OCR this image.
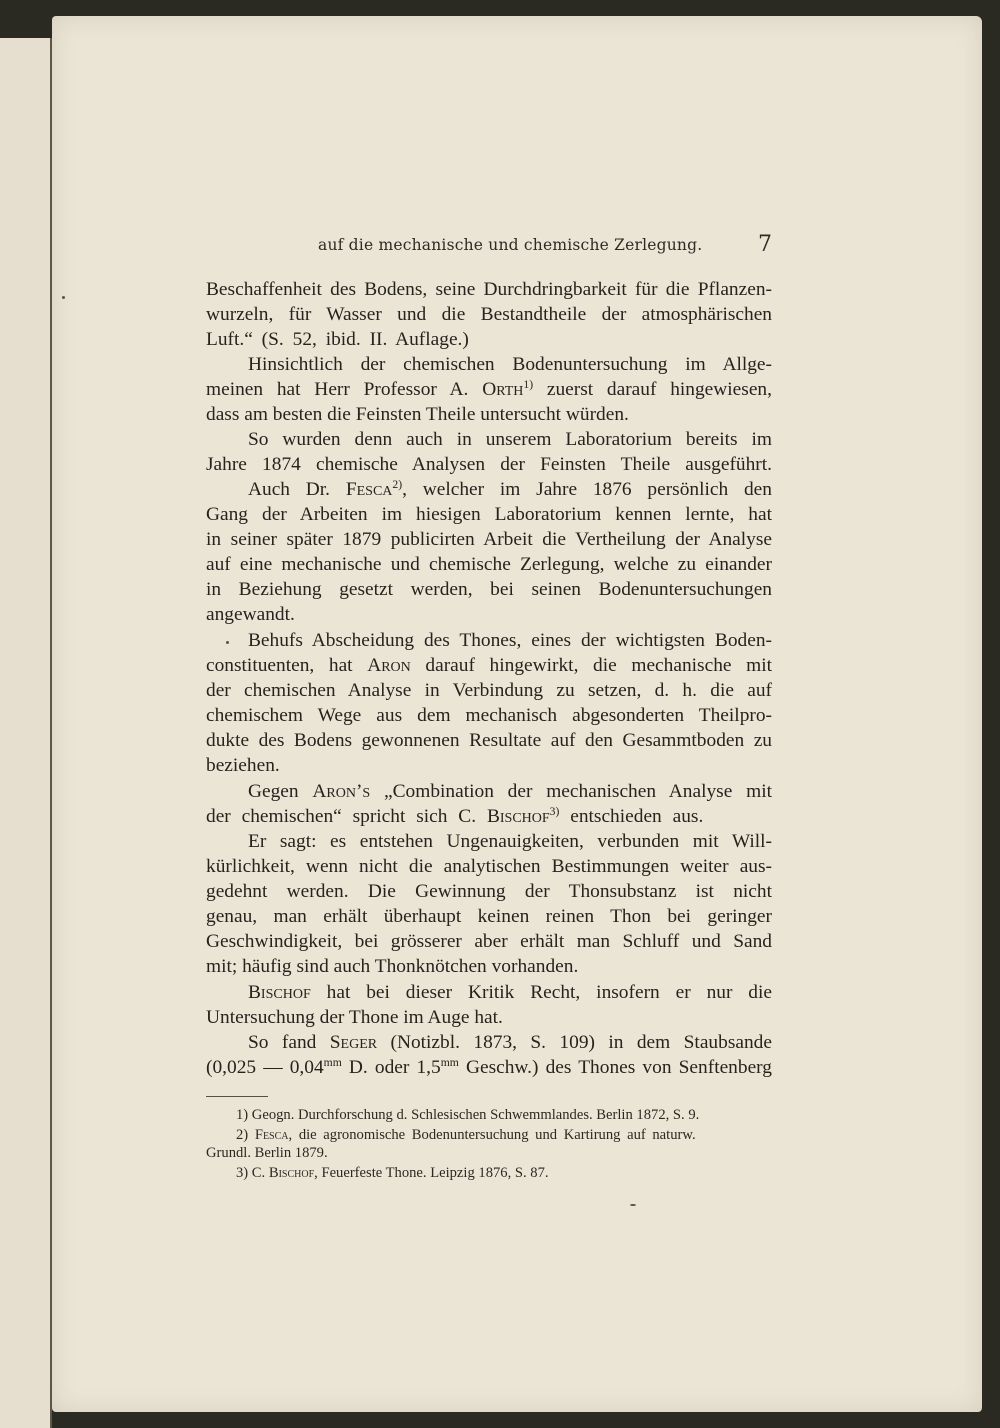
auf die mechanische und chemische Zerlegung.	7
Beschaffenheit des Bodens, seine Durchdringbarkeit für die Pflanzen-
wurzeln, für Wasser und die Bestandtheile der atmosphärischen
Luft.“ (S. 52, ibid. II. Auflage.)
Hinsichtlich der chemischen Bodenuntersuchung im Allge-
meinen hat Herr Professor A. Orth$^{1)}$ zuerst darauf hingewiesen,
dass am besten die Feinsten Theile untersucht würden.
So wurden denn auch in unserem Laboratorium bereits im
Jahre 1874 chemische Analysen der Feinsten Theile ausgeführt.
Auch Dr. Fesca$^{2)}$, welcher im Jahre 1876 persönlich den
Gang der Arbeiten im hiesigen Laboratorium kennen lernte, hat
in seiner später 1879 publicirten Arbeit die Vertheilung der Analyse
auf eine mechanische und chemische Zerlegung, welche zu einander
in Beziehung gesetzt werden, bei seinen Bodenuntersuchungen
angewandt.
Behufs Abscheidung des Thones, eines der wichtigsten Boden-
constituenten, hat Aron darauf hingewirkt, die mechanische mit
der chemischen Analyse in Verbindung zu setzen, d. h. die auf
chemischem Wege aus dem mechanisch abgesonderten Theilpro-
dukte des Bodens gewonnenen Resultate auf den Gesammtboden zu
beziehen.
Gegen Aron’s „Combination der mechanischen Analyse mit
der chemischen“ spricht sich C. Bischof$^{3)}$ entschieden aus.
Er sagt: es entstehen Ungenauigkeiten, verbunden mit Will-
kürlichkeit, wenn nicht die analytischen Bestimmungen weiter aus-
gedehnt werden. Die Gewinnung der Thonsubstanz ist nicht
genau, man erhält überhaupt keinen reinen Thon bei geringer
Geschwindigkeit, bei grösserer aber erhält man Schluff und Sand
mit; häufig sind auch Thonknötchen vorhanden.
Bischof hat bei dieser Kritik Recht, insofern er nur die
Untersuchung der Thone im Auge hat.
So fand Seger (Notizbl. 1873, S. 109) in dem Staubsande
(0,025 — $0,04^{mm}$ D. oder $1,5^{mm}$ Geschw.) des Thones von Senftenberg
1) Geogn. Durchforschung d. Schlesischen Schwemmlandes. Berlin 1872, S. 9.
2) Fesca, die agronomische Bodenuntersuchung und Kartirung auf naturw.
Grundl. Berlin 1879.
3) C. Bischof, Feuerfeste Thone. Leipzig 1876, S. 87.
